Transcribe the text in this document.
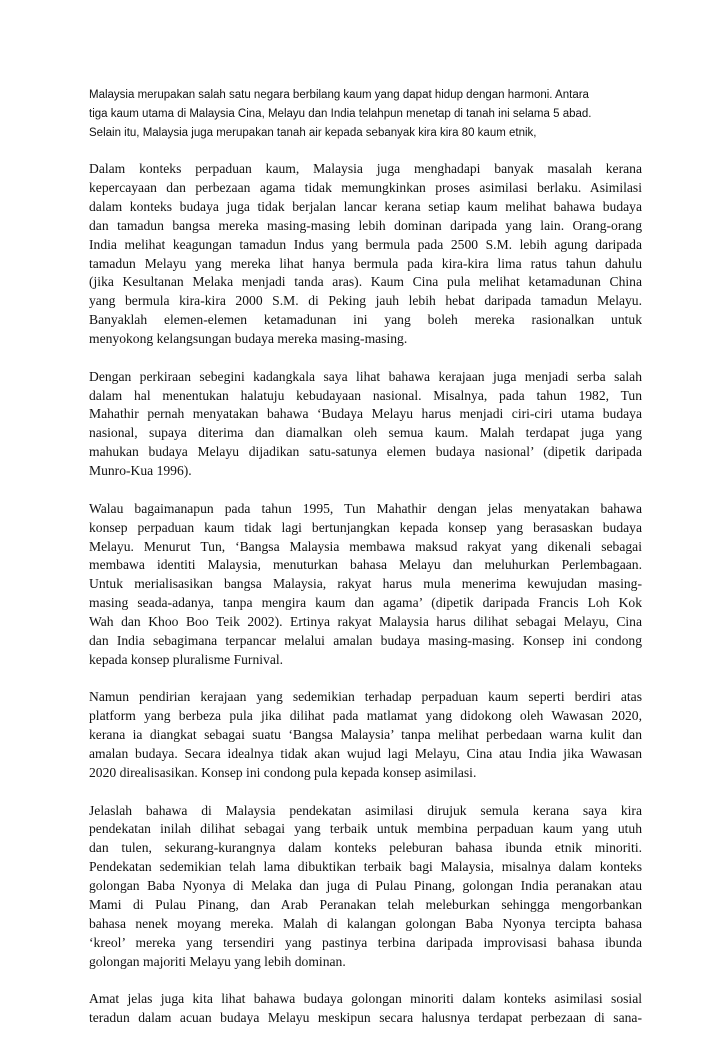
Malaysia merupakan salah satu negara berbilang kaum yang dapat hidup dengan harmoni. Antara
tiga kaum utama di Malaysia Cina, Melayu dan India telahpun menetap di tanah ini selama 5 abad.
Selain itu, Malaysia juga merupakan tanah air kepada sebanyak kira kira 80 kaum etnik,

Dalam konteks perpaduan kaum, Malaysia juga menghadapi banyak masalah kerana
kepercayaan dan perbezaan agama tidak memungkinkan proses asimilasi berlaku. Asimilasi
dalam konteks budaya juga tidak berjalan lancar kerana setiap kaum melihat bahawa budaya
dan tamadun bangsa mereka masing-masing lebih dominan daripada yang lain. Orang-orang
India melihat keagungan tamadun Indus yang bermula pada 2500 S.M. lebih agung daripada
tamadun Melayu yang mereka lihat hanya bermula pada kira-kira lima ratus tahun dahulu
(jika Kesultanan Melaka menjadi tanda aras). Kaum Cina pula melihat ketamadunan China
yang bermula kira-kira 2000 S.M. di Peking jauh lebih hebat daripada tamadun Melayu.
Banyaklah elemen-elemen ketamadunan ini yang boleh mereka rasionalkan untuk
menyokong kelangsungan budaya mereka masing-masing.

Dengan perkiraan sebegini kadangkala saya lihat bahawa kerajaan juga menjadi serba salah
dalam hal menentukan halatuju kebudayaan nasional. Misalnya, pada tahun 1982, Tun
Mahathir pernah menyatakan bahawa ‘Budaya Melayu harus menjadi ciri-ciri utama budaya
nasional, supaya diterima dan diamalkan oleh semua kaum. Malah terdapat juga yang
mahukan budaya Melayu dijadikan satu-satunya elemen budaya nasional’ (dipetik daripada
Munro-Kua 1996).

Walau bagaimanapun pada tahun 1995, Tun Mahathir dengan jelas menyatakan bahawa
konsep perpaduan kaum tidak lagi bertunjangkan kepada konsep yang berasaskan budaya
Melayu. Menurut Tun, ‘Bangsa Malaysia membawa maksud rakyat yang dikenali sebagai
membawa identiti Malaysia, menuturkan bahasa Melayu dan meluhurkan Perlembagaan.
Untuk merialisasikan bangsa Malaysia, rakyat harus mula menerima kewujudan masing-
masing seada-adanya, tanpa mengira kaum dan agama’ (dipetik daripada Francis Loh Kok
Wah dan Khoo Boo Teik 2002). Ertinya rakyat Malaysia harus dilihat sebagai Melayu, Cina
dan India sebagimana terpancar melalui amalan budaya masing-masing. Konsep ini condong
kepada konsep pluralisme Furnival.

Namun pendirian kerajaan yang sedemikian terhadap perpaduan kaum seperti berdiri atas
platform yang berbeza pula jika dilihat pada matlamat yang didokong oleh Wawasan 2020,
kerana ia diangkat sebagai suatu ‘Bangsa Malaysia’ tanpa melihat perbedaan warna kulit dan
amalan budaya. Secara idealnya tidak akan wujud lagi Melayu, Cina atau India jika Wawasan
2020 direalisasikan. Konsep ini condong pula kepada konsep asimilasi.

Jelaslah bahawa di Malaysia pendekatan asimilasi dirujuk semula kerana saya kira
pendekatan inilah dilihat sebagai yang terbaik untuk membina perpaduan kaum yang utuh
dan tulen, sekurang-kurangnya dalam konteks peleburan bahasa ibunda etnik minoriti.
Pendekatan sedemikian telah lama dibuktikan terbaik bagi Malaysia, misalnya dalam konteks
golongan Baba Nyonya di Melaka dan juga di Pulau Pinang, golongan India peranakan atau
Mami di Pulau Pinang, dan Arab Peranakan telah meleburkan sehingga mengorbankan
bahasa nenek moyang mereka. Malah di kalangan golongan Baba Nyonya tercipta bahasa
‘kreol’ mereka yang tersendiri yang pastinya terbina daripada improvisasi bahasa ibunda
golongan majoriti Melayu yang lebih dominan.

Amat jelas juga kita lihat bahawa budaya golongan minoriti dalam konteks asimilasi sosial
teradun dalam acuan budaya Melayu meskipun secara halusnya terdapat perbezaan di sana-
